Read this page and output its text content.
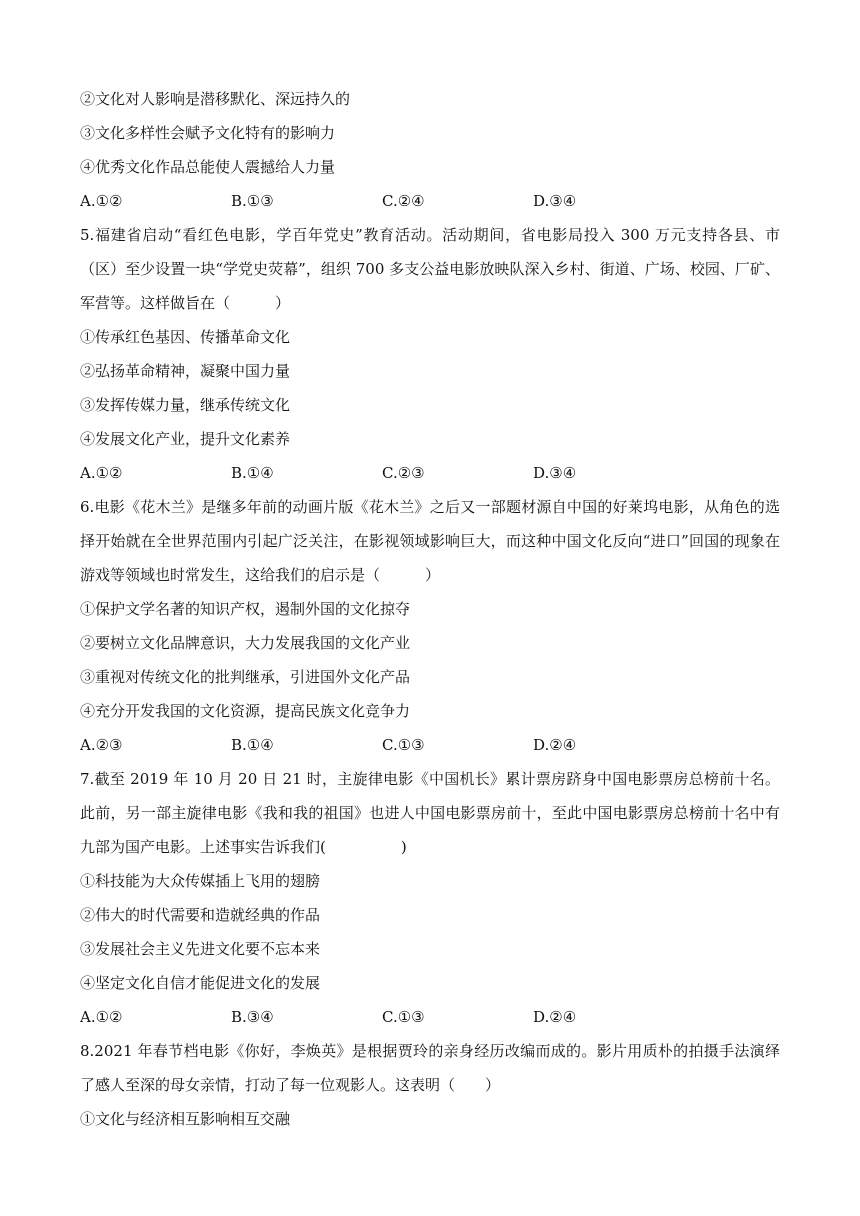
②文化对人影响是潜移默化、深远持久的
③文化多样性会赋予文化特有的影响力
④优秀文化作品总能使人震撼给人力量
A.①②	B.①③	C.②④	D.③④
5.福建省启动“看红色电影，学百年党史”教育活动。活动期间，省电影局投入 300 万元支持各县、市（区）至少设置一块“学党史荧幕”，组织 700 多支公益电影放映队深入乡村、街道、广场、校园、厂矿、军营等。这样做旨在（　　　）
①传承红色基因、传播革命文化
②弘扬革命精神，凝聚中国力量
③发挥传媒力量，继承传统文化
④发展文化产业，提升文化素养
A.①②	B.①④	C.②③	D.③④
6.电影《花木兰》是继多年前的动画片版《花木兰》之后又一部题材源自中国的好莱坞电影，从角色的选择开始就在全世界范围内引起广泛关注，在影视领域影响巨大，而这种中国文化反向“进口”回国的现象在游戏等领域也时常发生，这给我们的启示是（　　　）
①保护文学名著的知识产权，遏制外国的文化掠夺
②要树立文化品牌意识，大力发展我国的文化产业
③重视对传统文化的批判继承，引进国外文化产品
④充分开发我国的文化资源，提高民族文化竞争力
A.②③	B.①④	C.①③	D.②④
7.截至 2019 年 10 月 20 日 21 时，主旋律电影《中国机长》累计票房跻身中国电影票房总榜前十名。此前，另一部主旋律电影《我和我的祖国》也进人中国电影票房前十，至此中国电影票房总榜前十名中有九部为国产电影。上述事实告诉我们(　　　　　)
①科技能为大众传媒插上飞用的翅膀
②伟大的时代需要和造就经典的作品
③发展社会主义先进文化要不忘本来
④坚定文化自信才能促进文化的发展
A.①②	B.③④	C.①③	D.②④
8.2021 年春节档电影《你好，李焕英》是根据贾玲的亲身经历改编而成的。影片用质朴的拍摄手法演绎了感人至深的母女亲情，打动了每一位观影人。这表明（　　）
①文化与经济相互影响相互交融
